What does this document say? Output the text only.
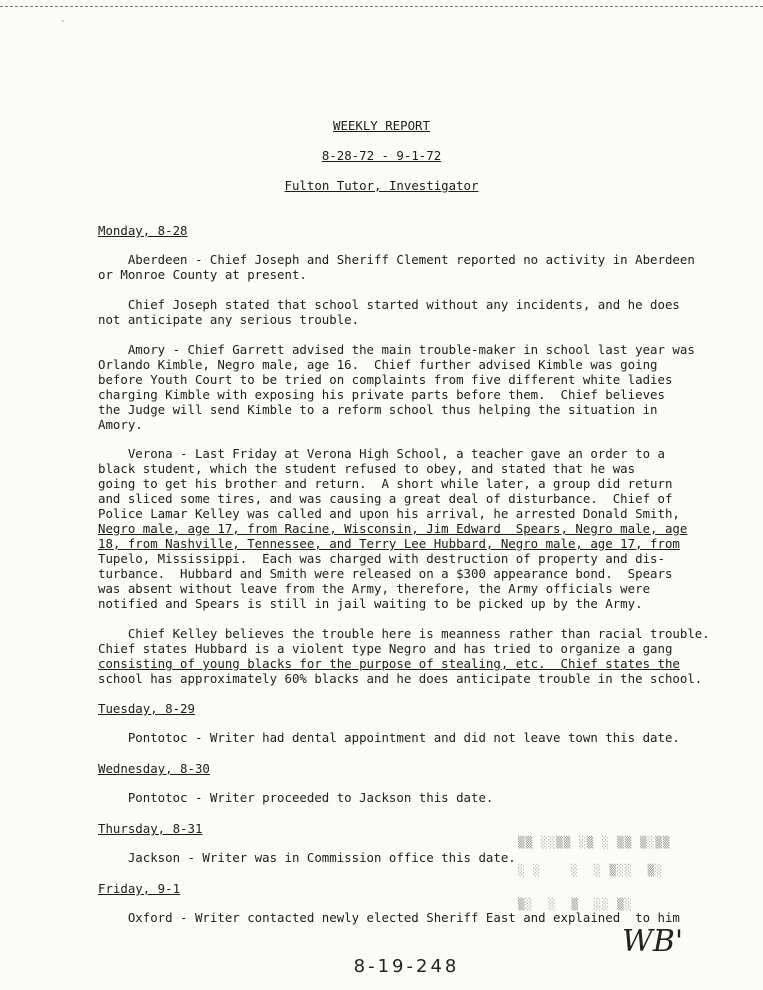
-
WEEKLY REPORT
8-28-72 - 9-1-72
Fulton Tutor, Investigator
Monday, 8-28
Aberdeen - Chief Joseph and Sheriff Clement reported no activity in Aberdeen
or Monroe County at present.
Chief Joseph stated that school started without any incidents, and he does
not anticipate any serious trouble.
Amory - Chief Garrett advised the main trouble-maker in school last year was
Orlando Kimble, Negro male, age 16.  Chief further advised Kimble was going
before Youth Court to be tried on complaints from five different white ladies
charging Kimble with exposing his private parts before them.  Chief believes
the Judge will send Kimble to a reform school thus helping the situation in
Amory.
Verona - Last Friday at Verona High School, a teacher gave an order to a
black student, which the student refused to obey, and stated that he was
going to get his brother and return.  A short while later, a group did return
and sliced some tires, and was causing a great deal of disturbance.  Chief of
Police Lamar Kelley was called and upon his arrival, he arrested Donald Smith,
Negro male, age 17, from Racine, Wisconsin, Jim Edward  Spears, Negro male, age
18, from Nashville, Tennessee, and Terry Lee Hubbard, Negro male, age 17, from
Tupelo, Mississippi.  Each was charged with destruction of property and dis-
turbance.  Hubbard and Smith were released on a $300 appearance bond.  Spears
was absent without leave from the Army, therefore, the Army officials were
notified and Spears is still in jail waiting to be picked up by the Army.
Chief Kelley believes the trouble here is meanness rather than racial trouble.
Chief states Hubbard is a violent type Negro and has tried to organize a gang
consisting of young blacks for the purpose of stealing, etc.  Chief states the
school has approximately 60% blacks and he does anticipate trouble in the school.
Tuesday, 8-29
Pontotoc - Writer had dental appointment and did not leave town this date.
Wednesday, 8-30
Pontotoc - Writer proceeded to Jackson this date.
Thursday, 8-31
Jackson - Writer was in Commission office this date.
▒▒ ░░▒▒ ░▒ ░ ▒▒ ▒░▒▒
░ ░    ░  ░ ▒░░  ▒░
▒░  ░  ▒  ░░ ▒░
Friday, 9-1
Oxford - Writer contacted newly elected Sheriff East and explained  to him
WB'
8-19-248
